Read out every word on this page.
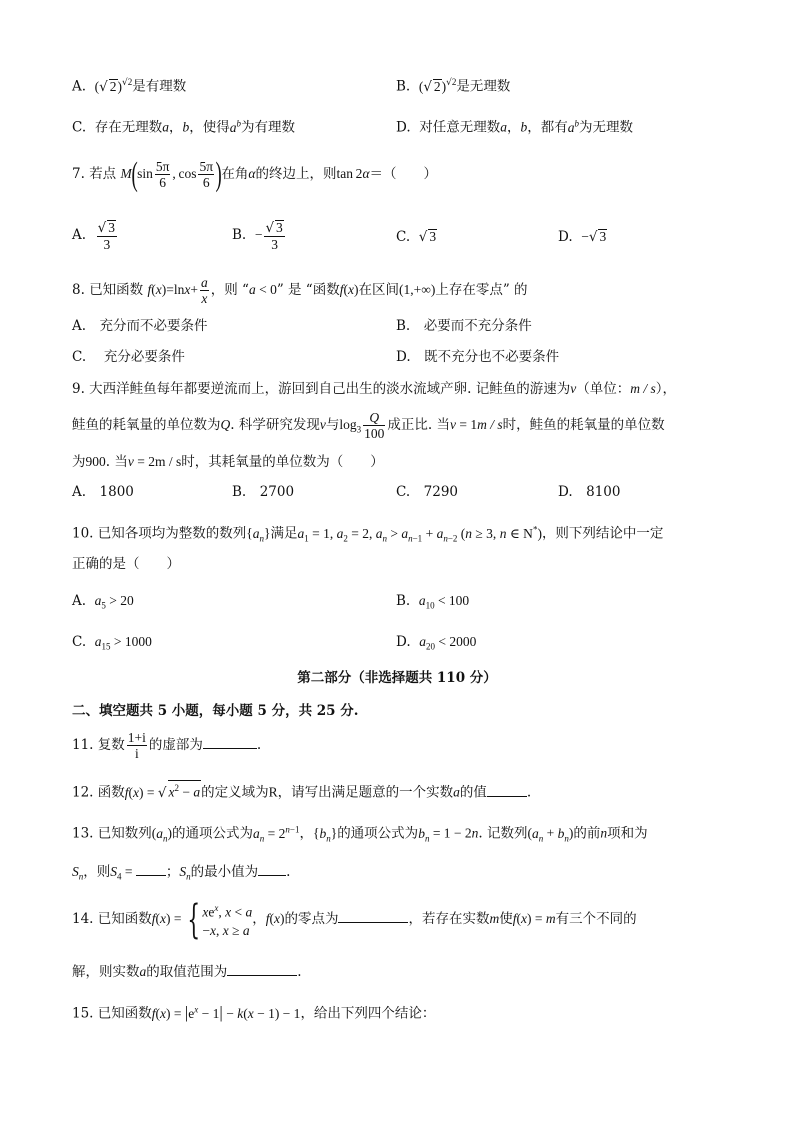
A. (√ 2)$^{√2}$是有理数	B. (√ 2)$^{√2}$是无理数
C. 存在无理数a，b，使得$a^b$为有理数	D. 对任意无理数a，b，都有$a^b$为无理数
7. 若点 $M(\sin \frac{5\pi}{6}$ , $\cos \frac{5\pi}{6}$ )在角α的终边上，则tan 2α＝（　　）
A. $\frac{√ 3}{3}$	B. − $\frac{√ 3}{3}$	C. √ 3	D. −√ 3
8. 已知函数 $f(x)=\ln x+ \frac{a}{x}$ ，则 “a < 0” 是 “函数f(x)在区间(1,+∞)上存在零点” 的
A.　充分而不必要条件	B.　必要而不充分条件
C.　 充分必要条件	D.　既不充分也不必要条件
9. 大西洋鲑鱼每年都要逆流而上，游回到自己出生的淡水流域产卵. 记鲑鱼的游速为v（单位：m / s），
鲑鱼的耗氧量的单位数为Q. 科学研究发现v与$\log_3 \frac{Q}{100}$ 成正比. 当v = 1m / s时，鲑鱼的耗氧量的单位数
为900. 当v = 2m / s时，其耗氧量的单位数为（　　）
A.　1800	B.　2700	C.　7290	D.　8100
10. 已知各项均为整数的数列$\{a_n\}$满足$a_1 = 1$, $a_2 = 2$, $a_n > a_{n-1} + a_{n-2}$ (n ≥ 3, n ∈ N*)，则下列结论中一定
正确的是（　　）
A. $a_5 > 20$	B. $a_{10} < 100$
C. $a_{15} > 1000$	D. $a_{20} < 2000$
第二部分（非选择题共 110 分）
二、填空题共 5 小题，每小题 5 分，共 25 分.
11. 复数 $\frac{1+i}{i}$ 的虚部为	.
12. 函数f(x) = √ $x^2 - a$的定义域为R，请写出满足题意的一个实数a的值	.
13. 已知数列$(a_n)$的通项公式为$a_n = 2^{n-1}$，$\{b_n\}$的通项公式为$b_n = 1 - 2n$. 记数列$(a_n + b_n)$的前n项和为
$S_n$，则$S_4$ = ；$S_n$的最小值为 .
14. 已知函数f(x) = { $xe^x$, x < a
−x, x ≥ a
，f(x)的零点为	，若存在实数m使f(x) = m有三个不同的
解，则实数a的取值范围为	.
15. 已知函数$f(x) = |e^x - 1| - k(x - 1) - 1$，给出下列四个结论：
